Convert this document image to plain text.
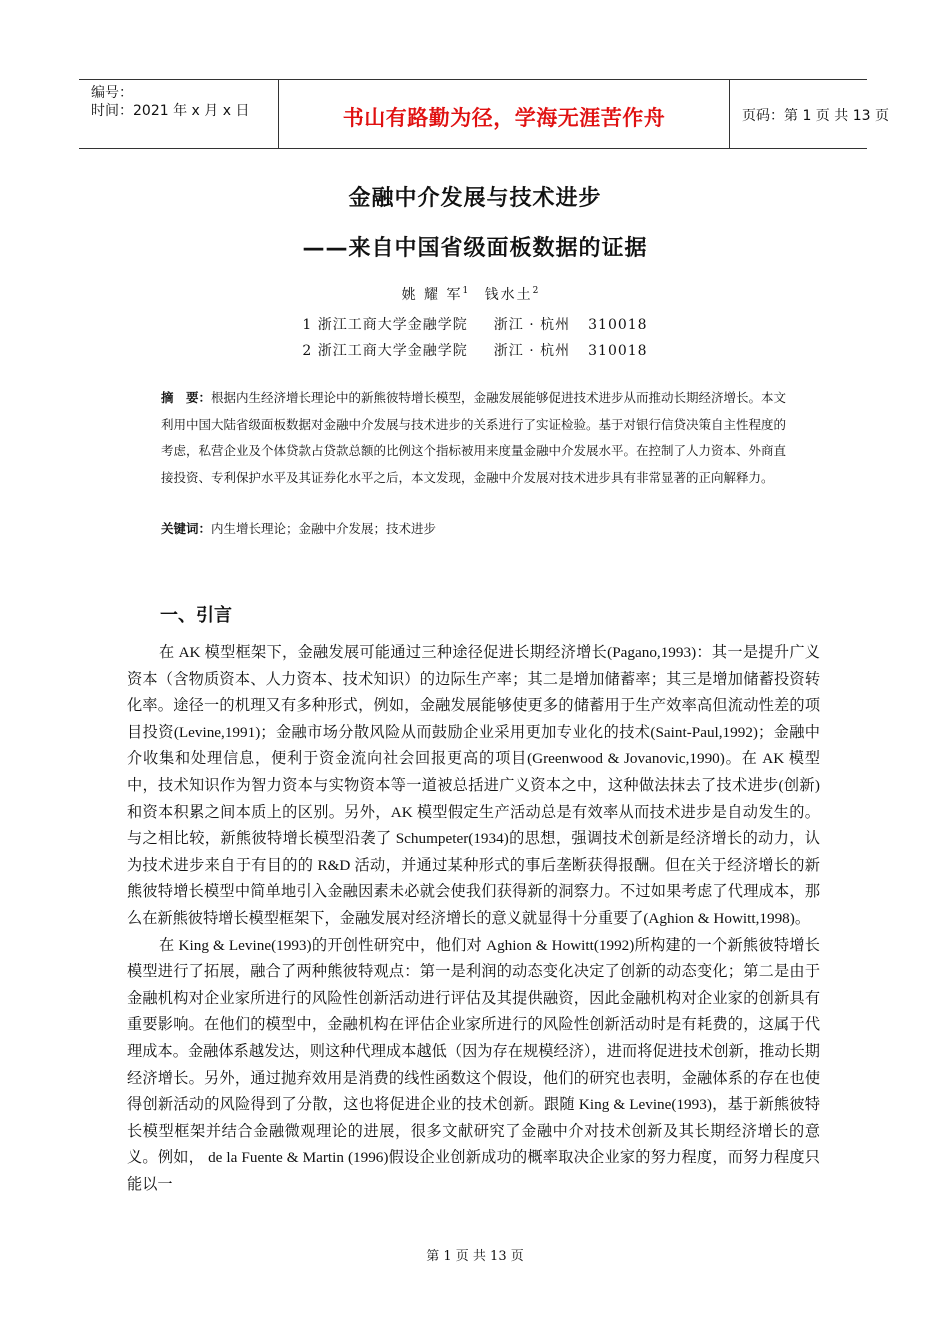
编号：
时间：2021 年 x 月 x 日	书山有路勤为径，学海无涯苦作舟	页码：第 1 页 共 13 页
金融中介发展与技术进步
——来自中国省级面板数据的证据
姚 耀 军$^1$ 钱水土$^2$
1 浙江工商大学金融学院 浙江 · 杭州 310018
2 浙江工商大学金融学院 浙江 · 杭州 310018
摘　要：根据内生经济增长理论中的新熊彼特增长模型，金融发展能够促进技术进步从而推动长期经济增长。本文利用中国大陆省级面板数据对金融中介发展与技术进步的关系进行了实证检验。基于对银行信贷决策自主性程度的考虑，私营企业及个体贷款占贷款总额的比例这个指标被用来度量金融中介发展水平。在控制了人力资本、外商直接投资、专利保护水平及其证券化水平之后，本文发现，金融中介发展对技术进步具有非常显著的正向解释力。
关键词：内生增长理论；金融中介发展；技术进步
一、引言

在 AK 模型框架下，金融发展可能通过三种途径促进长期经济增长(Pagano,1993)：其一是提升广义资本（含物质资本、人力资本、技术知识）的边际生产率；其二是增加储蓄率；其三是增加储蓄投资转化率。途径一的机理又有多种形式，例如，金融发展能够使更多的储蓄用于生产效率高但流动性差的项目投资(Levine,1991)；金融市场分散风险从而鼓励企业采用更加专业化的技术(Saint-Paul,1992)；金融中介收集和处理信息，便利于资金流向社会回报更高的项目(Greenwood & Jovanovic,1990)。在 AK 模型中，技术知识作为智力资本与实物资本等一道被总括进广义资本之中，这种做法抹去了技术进步(创新)和资本积累之间本质上的区别。另外，AK 模型假定生产活动总是有效率从而技术进步是自动发生的。与之相比较，新熊彼特增长模型沿袭了 Schumpeter(1934)的思想，强调技术创新是经济增长的动力，认为技术进步来自于有目的的 R&D 活动，并通过某种形式的事后垄断获得报酬。但在关于经济增长的新熊彼特增长模型中简单地引入金融因素未必就会使我们获得新的洞察力。不过如果考虑了代理成本，那么在新熊彼特增长模型框架下，金融发展对经济增长的意义就显得十分重要了(Aghion & Howitt,1998)。

在 King & Levine(1993)的开创性研究中，他们对 Aghion & Howitt(1992)所构建的一个新熊彼特增长模型进行了拓展，融合了两种熊彼特观点：第一是利润的动态变化决定了创新的动态变化；第二是由于金融机构对企业家所进行的风险性创新活动进行评估及其提供融资，因此金融机构对企业家的创新具有重要影响。在他们的模型中，金融机构在评估企业家所进行的风险性创新活动时是有耗费的，这属于代理成本。金融体系越发达，则这种代理成本越低（因为存在规模经济），进而将促进技术创新，推动长期经济增长。另外，通过抛弃效用是消费的线性函数这个假设，他们的研究也表明，金融体系的存在也使得创新活动的风险得到了分散，这也将促进企业的技术创新。跟随 King & Levine(1993)，基于新熊彼特长模型框架并结合金融微观理论的进展，很多文献研究了金融中介对技术创新及其长期经济增长的意义。例如， de la Fuente & Martin (1996)假设企业创新成功的概率取决企业家的努力程度，而努力程度只能以一

第 1 页 共 13 页
